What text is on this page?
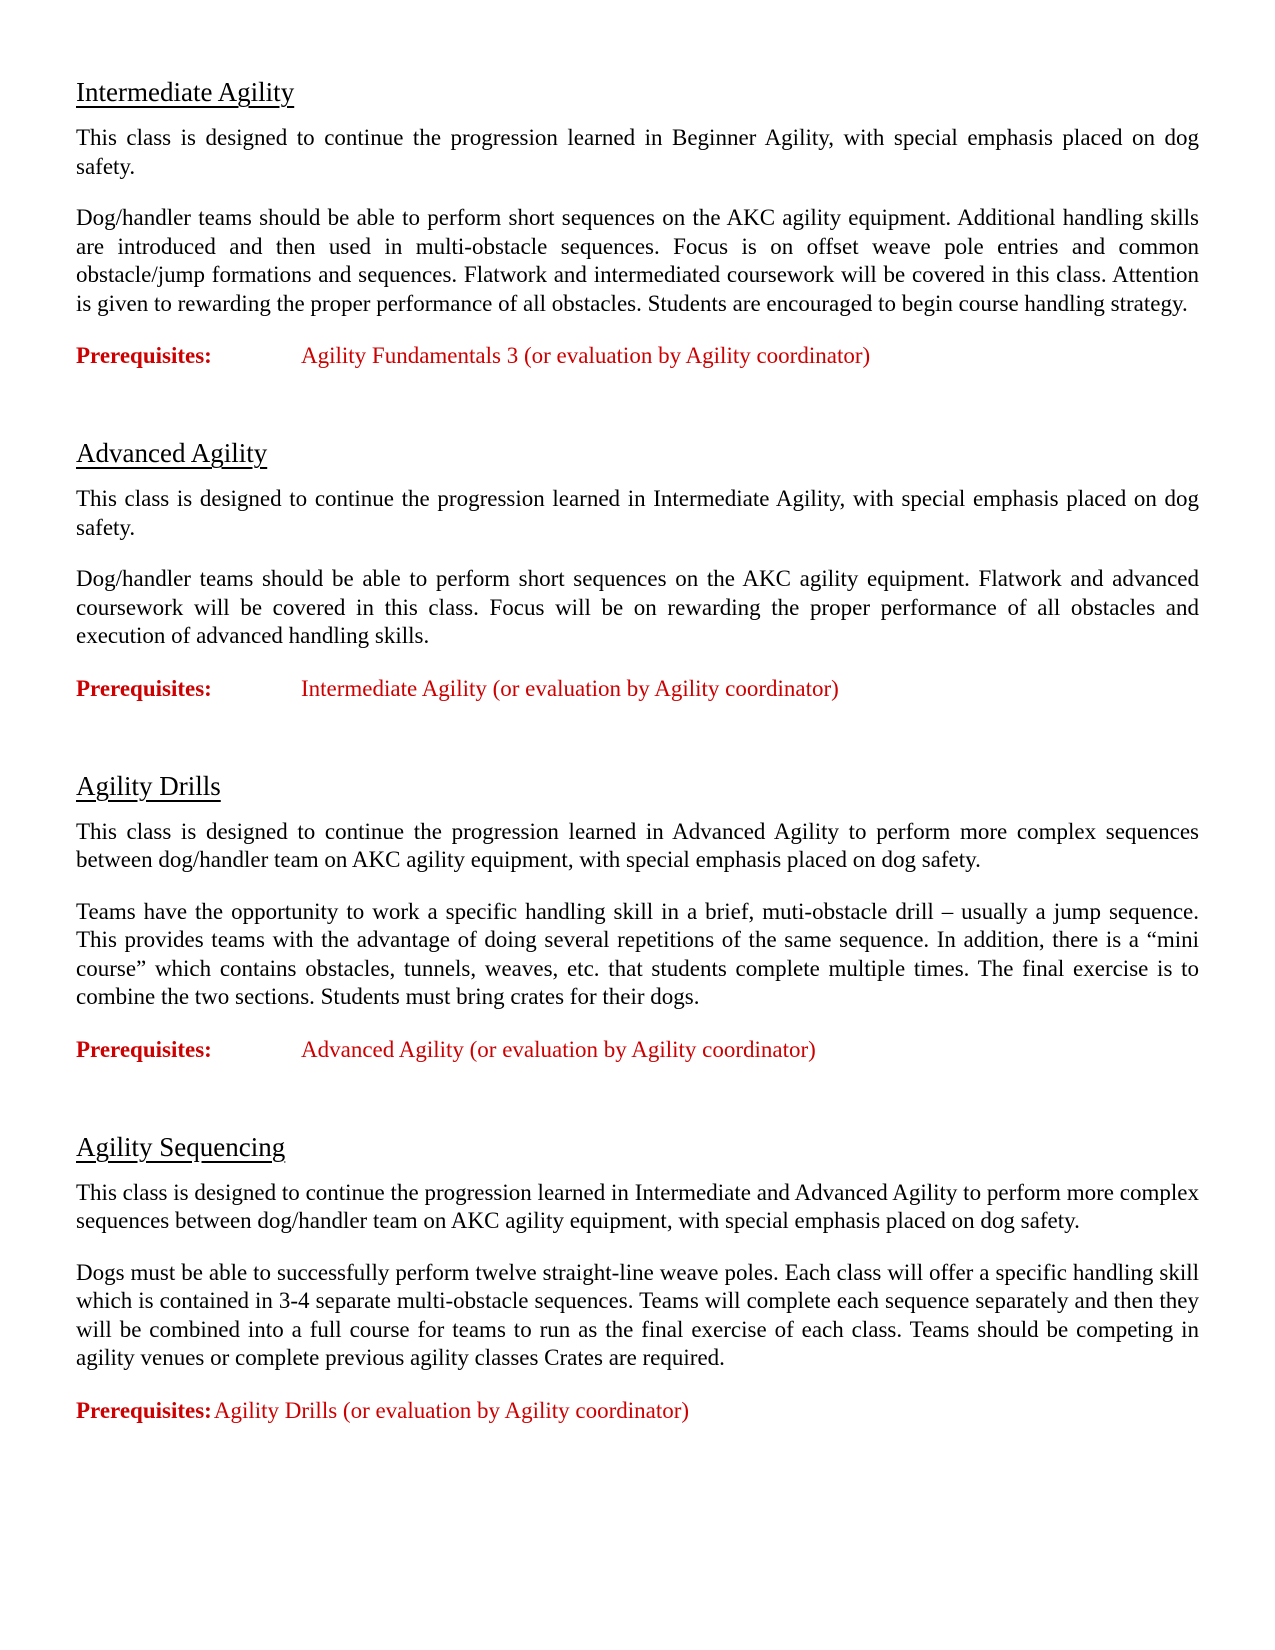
Intermediate Agility

This class is designed to continue the progression learned in Beginner Agility, with special emphasis placed on dog safety.

Dog/handler teams should be able to perform short sequences on the AKC agility equipment. Additional handling skills are introduced and then used in multi-obstacle sequences. Focus is on offset weave pole entries and common obstacle/jump formations and sequences. Flatwork and intermediated coursework will be covered in this class. Attention is given to rewarding the proper performance of all obstacles. Students are encouraged to begin course handling strategy.

Prerequisites:	Agility Fundamentals 3 (or evaluation by Agility coordinator)
Advanced Agility

This class is designed to continue the progression learned in Intermediate Agility, with special emphasis placed on dog safety.

Dog/handler teams should be able to perform short sequences on the AKC agility equipment. Flatwork and advanced coursework will be covered in this class. Focus will be on rewarding the proper performance of all obstacles and execution of advanced handling skills.

Prerequisites:	Intermediate Agility (or evaluation by Agility coordinator)
Agility Drills

This class is designed to continue the progression learned in Advanced Agility to perform more complex sequences between dog/handler team on AKC agility equipment, with special emphasis placed on dog safety.

Teams have the opportunity to work a specific handling skill in a brief, muti-obstacle drill – usually a jump sequence. This provides teams with the advantage of doing several repetitions of the same sequence. In addition, there is a “mini course” which contains obstacles, tunnels, weaves, etc. that students complete multiple times. The final exercise is to combine the two sections. Students must bring crates for their dogs.

Prerequisites:	Advanced Agility (or evaluation by Agility coordinator)
Agility Sequencing

This class is designed to continue the progression learned in Intermediate and Advanced Agility to perform more complex sequences between dog/handler team on AKC agility equipment, with special emphasis placed on dog safety.

Dogs must be able to successfully perform twelve straight-line weave poles. Each class will offer a specific handling skill which is contained in 3-4 separate multi-obstacle sequences. Teams will complete each sequence separately and then they will be combined into a full course for teams to run as the final exercise of each class. Teams should be competing in agility venues or complete previous agility classes Crates are required.

Prerequisites: Agility Drills (or evaluation by Agility coordinator)
